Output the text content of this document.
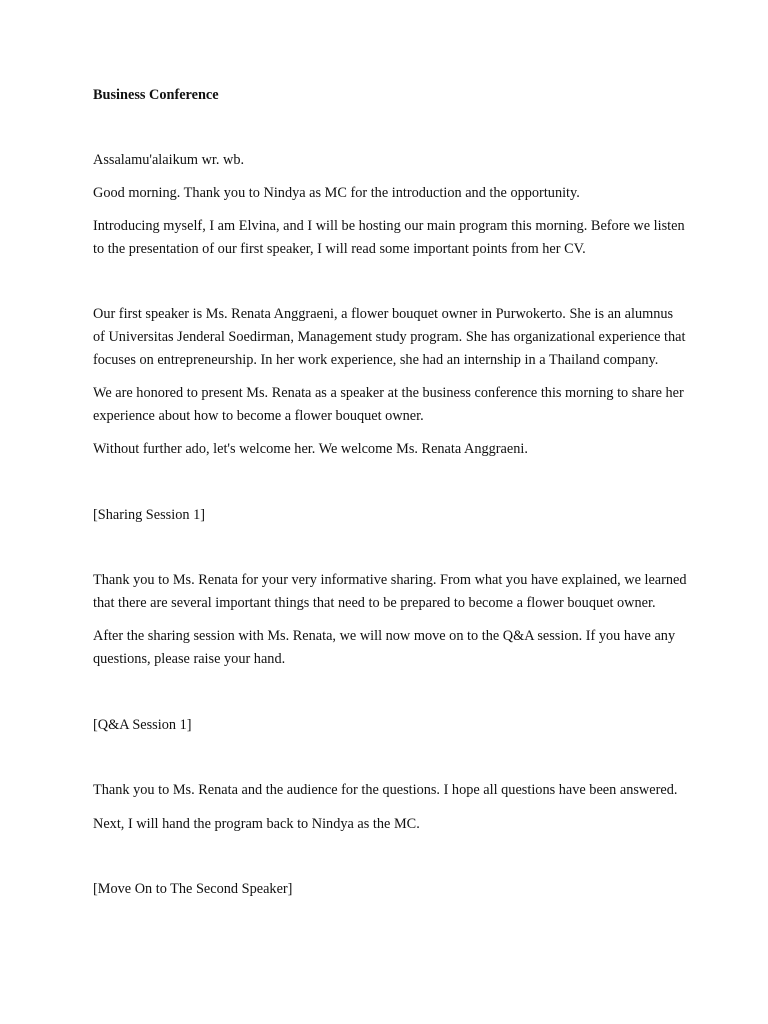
Business Conference

Assalamu'alaikum wr. wb.

Good morning. Thank you to Nindya as MC for the introduction and the opportunity.

Introducing myself, I am Elvina, and I will be hosting our main program this morning. Before we listen

to the presentation of our first speaker, I will read some important points from her CV.

Our first speaker is Ms. Renata Anggraeni, a flower bouquet owner in Purwokerto. She is an alumnus

of Universitas Jenderal Soedirman, Management study program. She has organizational experience that

focuses on entrepreneurship. In her work experience, she had an internship in a Thailand company.

We are honored to present Ms. Renata as a speaker at the business conference this morning to share her

experience about how to become a flower bouquet owner.

Without further ado, let's welcome her. We welcome Ms. Renata Anggraeni.

[Sharing Session 1]

Thank you to Ms. Renata for your very informative sharing. From what you have explained, we learned

that there are several important things that need to be prepared to become a flower bouquet owner.

After the sharing session with Ms. Renata, we will now move on to the Q&A session. If you have any

questions, please raise your hand.

[Q&A Session 1]

Thank you to Ms. Renata and the audience for the questions. I hope all questions have been answered.

Next, I will hand the program back to Nindya as the MC.

[Move On to The Second Speaker]
